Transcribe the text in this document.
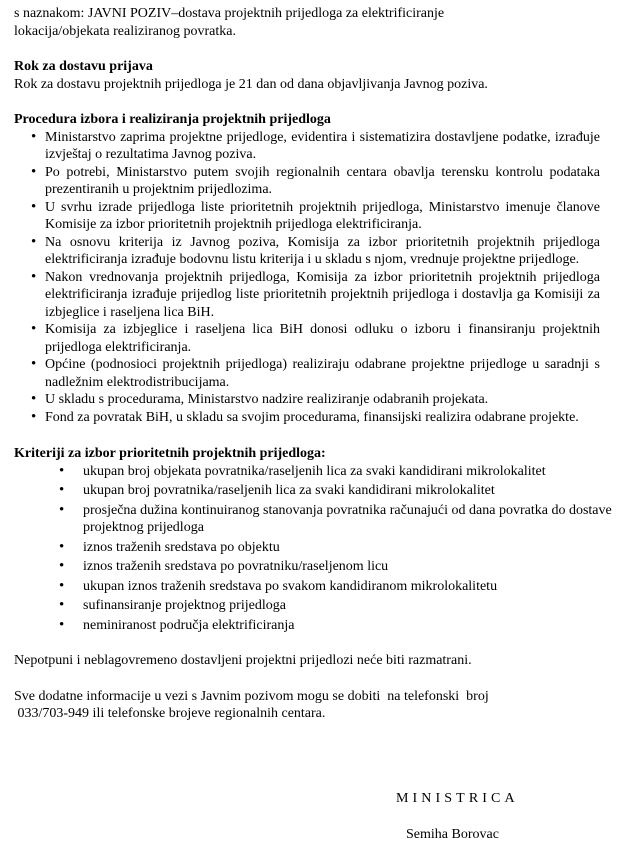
s naznakom: JAVNI POZIV–dostava projektnih prijedloga za elektrificiranje

lokacija/objekata realiziranog povratka.

Rok za dostavu prijava

Rok za dostavu projektnih prijedloga je 21 dan od dana objavljivanja Javnog poziva.

Procedura izbora i realiziranja projektnih prijedloga

• Ministarstvo zaprima projektne prijedloge, evidentira i sistematizira dostavljene podatke, izrađuje izvještaj o rezultatima Javnog poziva.
• Po potrebi, Ministarstvo putem svojih regionalnih centara obavlja terensku kontrolu podataka prezentiranih u projektnim prijedlozima.
• U svrhu izrade prijedloga liste prioritetnih projektnih prijedloga, Ministarstvo imenuje članove Komisije za izbor prioritetnih projektnih prijedloga elektrificiranja.
• Na osnovu kriterija iz Javnog poziva, Komisija za izbor prioritetnih projektnih prijedloga elektrificiranja izrađuje bodovnu listu kriterija i u skladu s njom, vrednuje projektne prijedloge.
• Nakon vrednovanja projektnih prijedloga, Komisija za izbor prioritetnih projektnih prijedloga elektrificiranja izrađuje prijedlog liste prioritetnih projektnih prijedloga i dostavlja ga Komisiji za izbjeglice i raseljena lica BiH.
• Komisija za izbjeglice i raseljena lica BiH donosi odluku o izboru i finansiranju projektnih prijedloga elektrificiranja.
• Općine (podnosioci projektnih prijedloga) realiziraju odabrane projektne prijedloge u saradnji s nadležnim elektrodistribucijama.
• U skladu s procedurama, Ministarstvo nadzire realiziranje odabranih projekata.
• Fond za povratak BiH, u skladu sa svojim procedurama, finansijski realizira odabrane projekte.

Kriteriji za izbor prioritetnih projektnih prijedloga:

• ukupan broj objekata povratnika/raseljenih lica za svaki kandidirani mikrolokalitet
• ukupan broj povratnika/raseljenih lica za svaki kandidirani mikrolokalitet
• prosječna dužina kontinuiranog stanovanja povratnika računajući od dana povratka do dostave projektnog prijedloga
• iznos traženih sredstava po objektu
• iznos traženih sredstava po povratniku/raseljenom licu
• ukupan iznos traženih sredstava po svakom kandidiranom mikrolokalitetu
• sufinansiranje projektnog prijedloga
• neminiranost područja elektrificiranja

Nepotpuni i neblagovremeno dostavljeni projektni prijedlozi neće biti razmatrani.

Sve dodatne informacije u vezi s Javnim pozivom mogu se dobiti  na telefonski  broj

033/703-949 ili telefonske brojeve regionalnih centara.

MINISTRICA

Semiha Borovac
